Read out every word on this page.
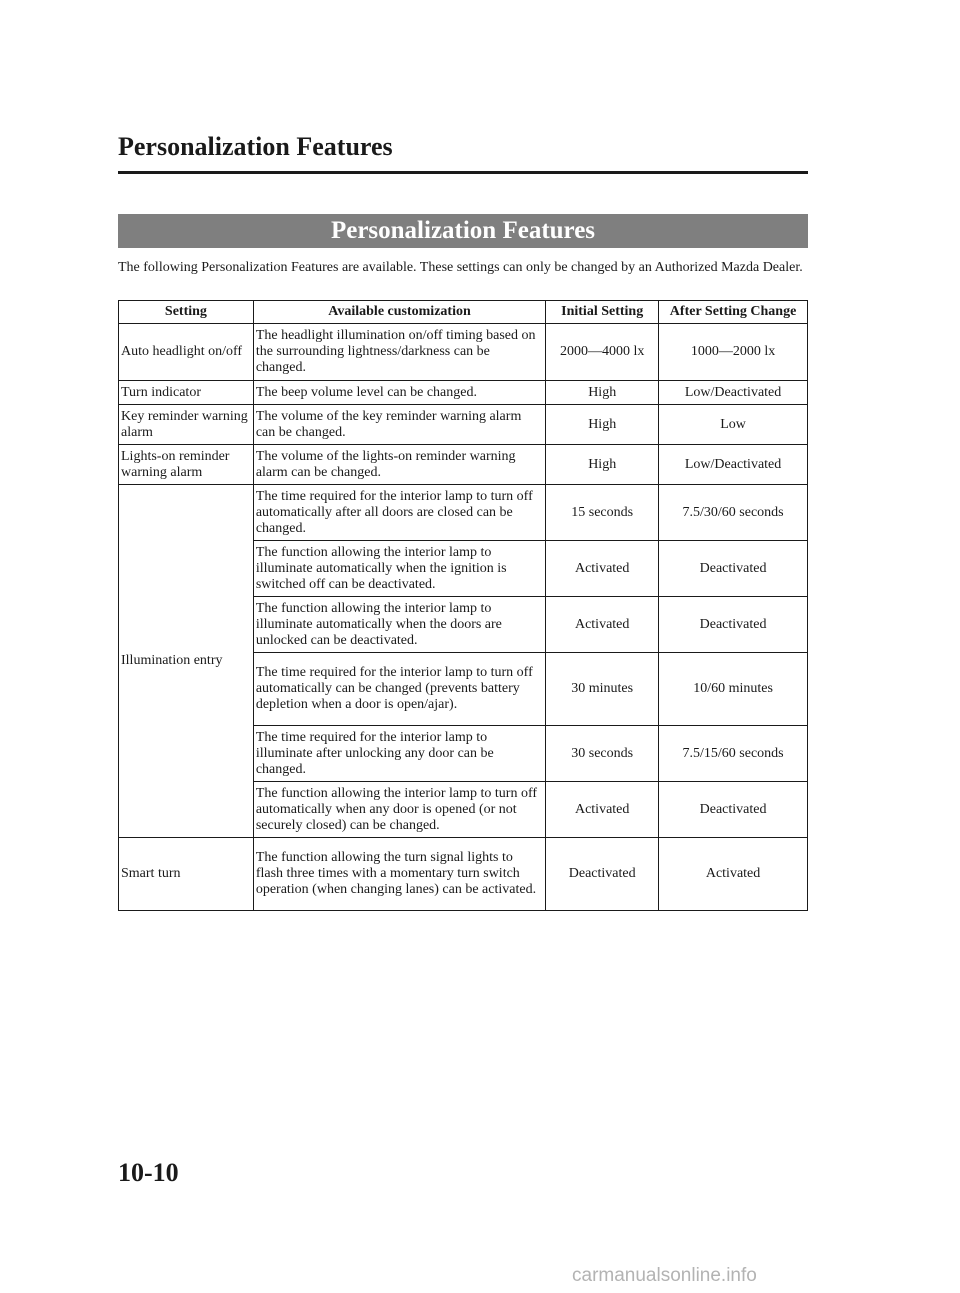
Personalization Features
Personalization Features

The following Personalization Features are available. These settings can only be changed by an Authorized Mazda Dealer.

Setting	Available customization	Initial Setting	After Setting Change
Auto headlight on/off	The headlight illumination on/off timing based on the surrounding lightness/darkness can be changed.	2000―4000 lx	1000―2000 lx
Turn indicator	The beep volume level can be changed.	High	Low/Deactivated
Key reminder warning alarm	The volume of the key reminder warning alarm can be changed.	High	Low
Lights-on reminder warning alarm	The volume of the lights-on reminder warning alarm can be changed.	High	Low/Deactivated
Illumination entry	The time required for the interior lamp to turn off automatically after all doors are closed can be changed.	15 seconds	7.5/30/60 seconds
	The function allowing the interior lamp to illuminate automatically when the ignition is switched off can be deactivated.	Activated	Deactivated
	The function allowing the interior lamp to illuminate automatically when the doors are unlocked can be deactivated.	Activated	Deactivated
	The time required for the interior lamp to turn off automatically can be changed (prevents battery depletion when a door is open/ajar).	30 minutes	10/60 minutes
	The time required for the interior lamp to illuminate after unlocking any door can be changed.	30 seconds	7.5/15/60 seconds
	The function allowing the interior lamp to turn off automatically when any door is opened (or not securely closed) can be changed.	Activated	Deactivated
Smart turn	The function allowing the turn signal lights to flash three times with a momentary turn switch operation (when changing lanes) can be activated.	Deactivated	Activated
10-10
carmanualsonline.info
